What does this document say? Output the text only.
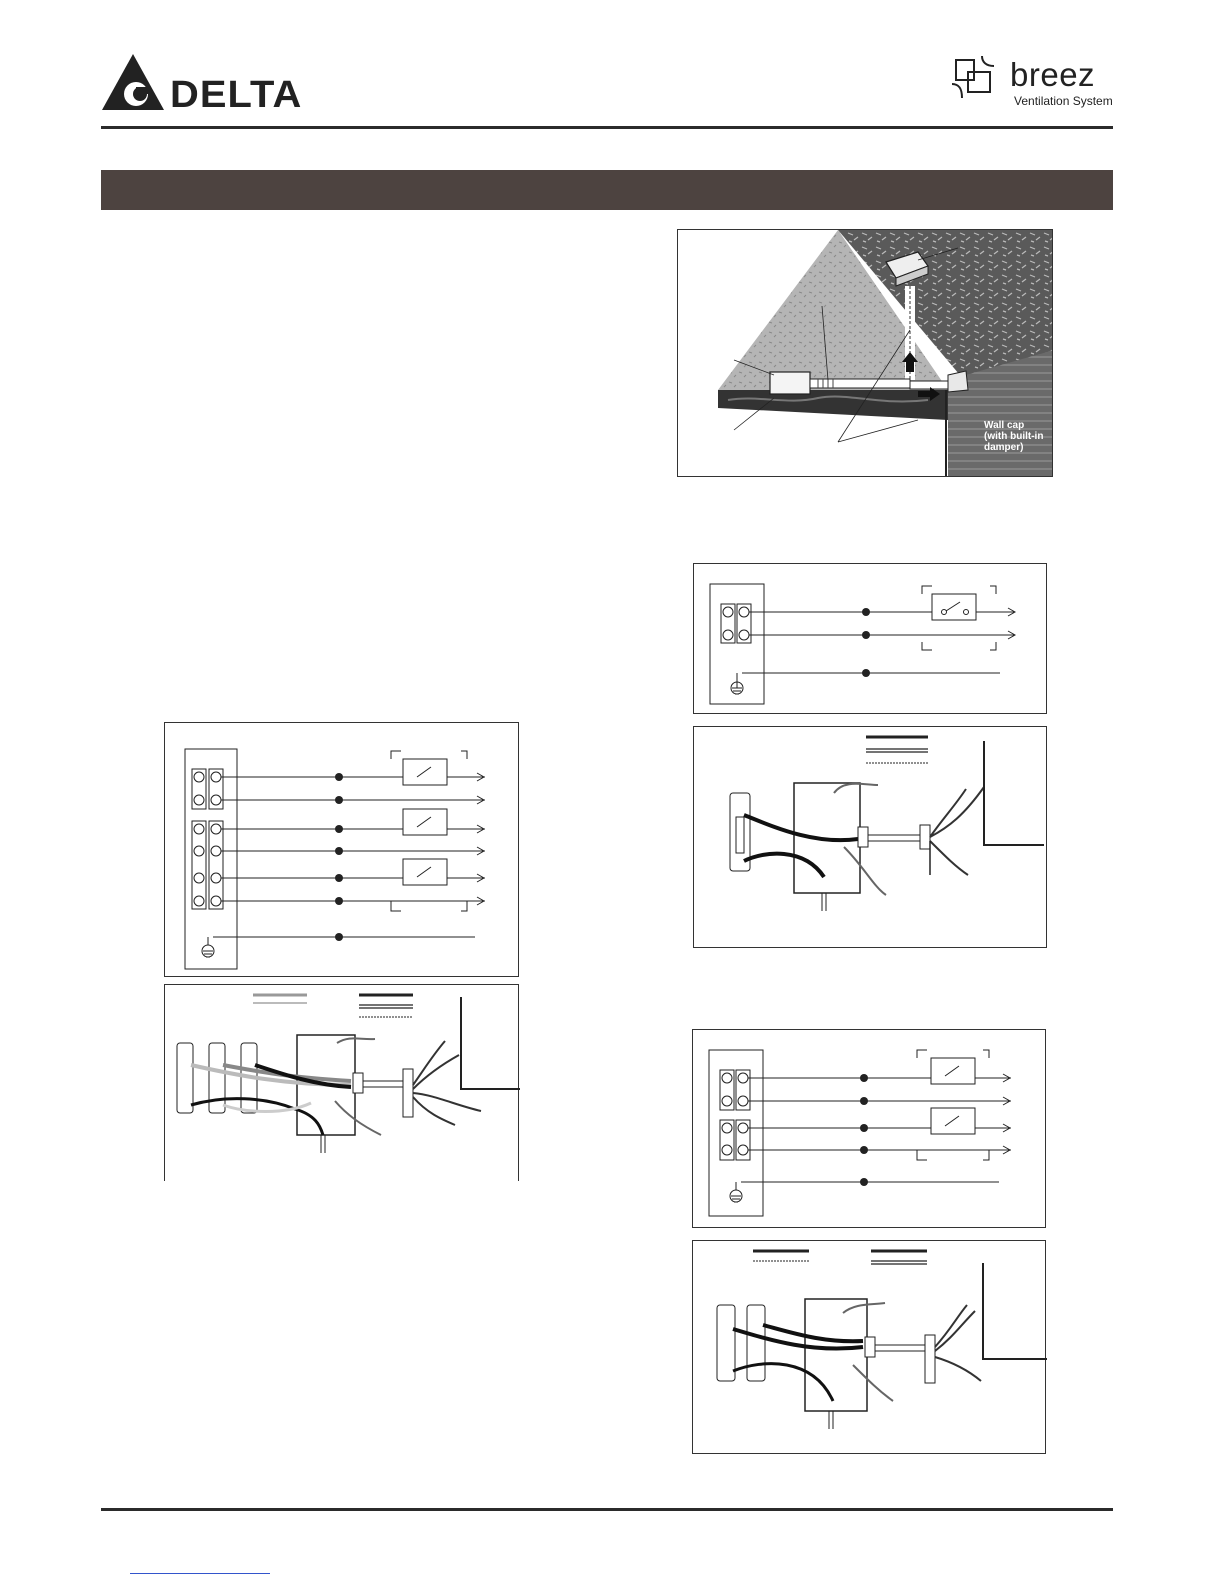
DELTA	breez
Ventilation System
Wall cap (with built-in damper)
